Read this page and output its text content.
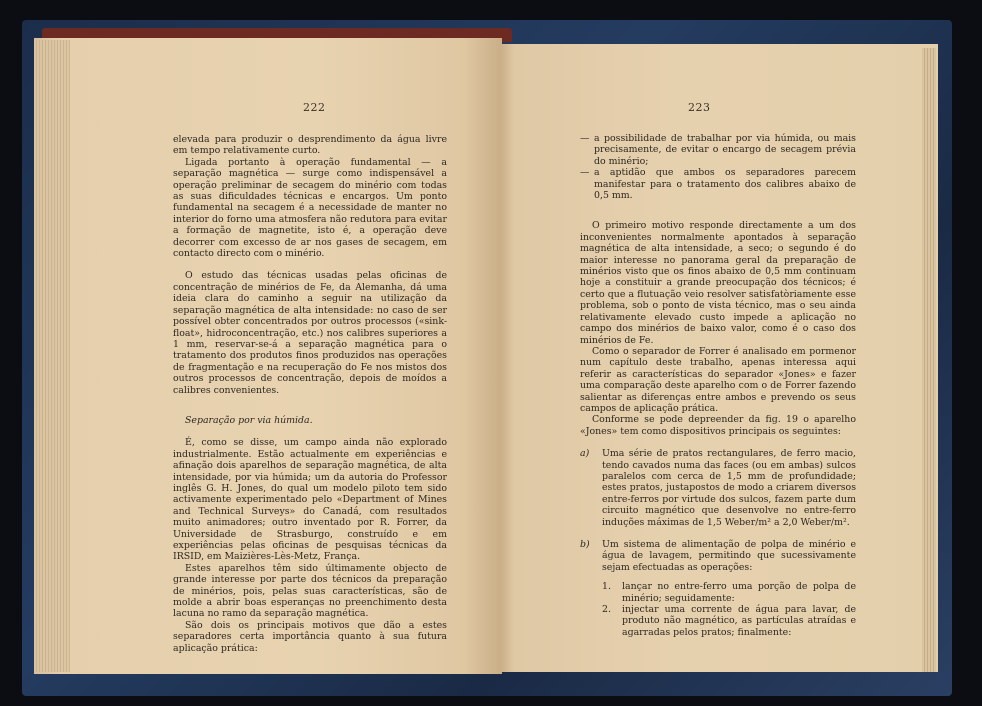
222

elevada para produzir o desprendimento da água livre em tempo relativamente curto.

Ligada portanto à operação fundamental — a separação magnética — surge como indispensável a operação preliminar de secagem do minério com todas as suas dificuldades técnicas e encargos. Um ponto fundamental na secagem é a necessidade de manter no interior do forno uma atmosfera não redutora para evitar a formação de magnetite, isto é, a operação deve decorrer com excesso de ar nos gases de secagem, em contacto directo com o minério.

O estudo das técnicas usadas pelas oficinas de concentração de minérios de Fe, da Alemanha, dá uma ideia clara do caminho a seguir na utilização da separação magnética de alta intensidade: no caso de ser possível obter concentrados por outros processos («sink-float», hidroconcentração, etc.) nos calibres superiores a 1 mm, reservar-se-á a separação magnética para o tratamento dos produtos finos produzidos nas operações de fragmentação e na recuperação do Fe nos mistos dos outros processos de concentração, depois de moídos a calibres convenientes.

Separação por via húmida.

É, como se disse, um campo ainda não explorado industrialmente. Estão actualmente em experiências e afinação dois aparelhos de separação magnética, de alta intensidade, por via húmida; um da autoria do Professor inglês G. H. Jones, do qual um modelo piloto tem sido activamente experimentado pelo «Department of Mines and Technical Surveys» do Canadá, com resultados muito animadores; outro inventado por R. Forrer, da Universidade de Strasburgo, construído e em experiências pelas oficinas de pesquisas técnicas da IRSID, em Maizières-Lès-Metz, França.

Estes aparelhos têm sido últimamente objecto de grande interesse por parte dos técnicos da preparação de minérios, pois, pelas suas características, são de molde a abrir boas esperanças no preenchimento desta lacuna no ramo da separação magnética.

São dois os principais motivos que dão a estes separadores certa importância quanto à sua futura aplicação prática:

223

— a possibilidade de trabalhar por via húmida, ou mais precisamente, de evitar o encargo de secagem prévia do minério;

— a aptidão que ambos os separadores parecem manifestar para o tratamento dos calibres abaixo de 0,5 mm.

O primeiro motivo responde directamente a um dos inconvenientes normalmente apontados à separação magnética de alta intensidade, a seco; o segundo é do maior interesse no panorama geral da preparação de minérios visto que os finos abaixo de 0,5 mm continuam hoje a constituir a grande preocupação dos técnicos; é certo que a flutuação veio resolver satisfatòriamente esse problema, sob o ponto de vista técnico, mas o seu ainda relativamente elevado custo impede a aplicação no campo dos minérios de baixo valor, como é o caso dos minérios de Fe.

Como o separador de Forrer é analisado em pormenor num capítulo deste trabalho, apenas interessa aqui referir as características do separador «Jones» e fazer uma comparação deste aparelho com o de Forrer fazendo salientar as diferenças entre ambos e prevendo os seus campos de aplicação prática.

Conforme se pode depreender da fig. 19 o aparelho «Jones» tem como dispositivos principais os seguintes:

a) Uma série de pratos rectangulares, de ferro macio, tendo cavados numa das faces (ou em ambas) sulcos paralelos com cerca de 1,5 mm de profundidade; estes pratos, justapostos de modo a criarem diversos entre-ferros por virtude dos sulcos, fazem parte dum circuito magnético que desenvolve no entre-ferro induções máximas de 1,5 Weber/m² a 2,0 Weber/m².

b) Um sistema de alimentação de polpa de minério e água de lavagem, permitindo que sucessivamente sejam efectuadas as operações:

1. lançar no entre-ferro uma porção de polpa de minério; seguidamente:

2. injectar uma corrente de água para lavar, de produto não magnético, as partículas atraídas e agarradas pelos pratos; finalmente:
